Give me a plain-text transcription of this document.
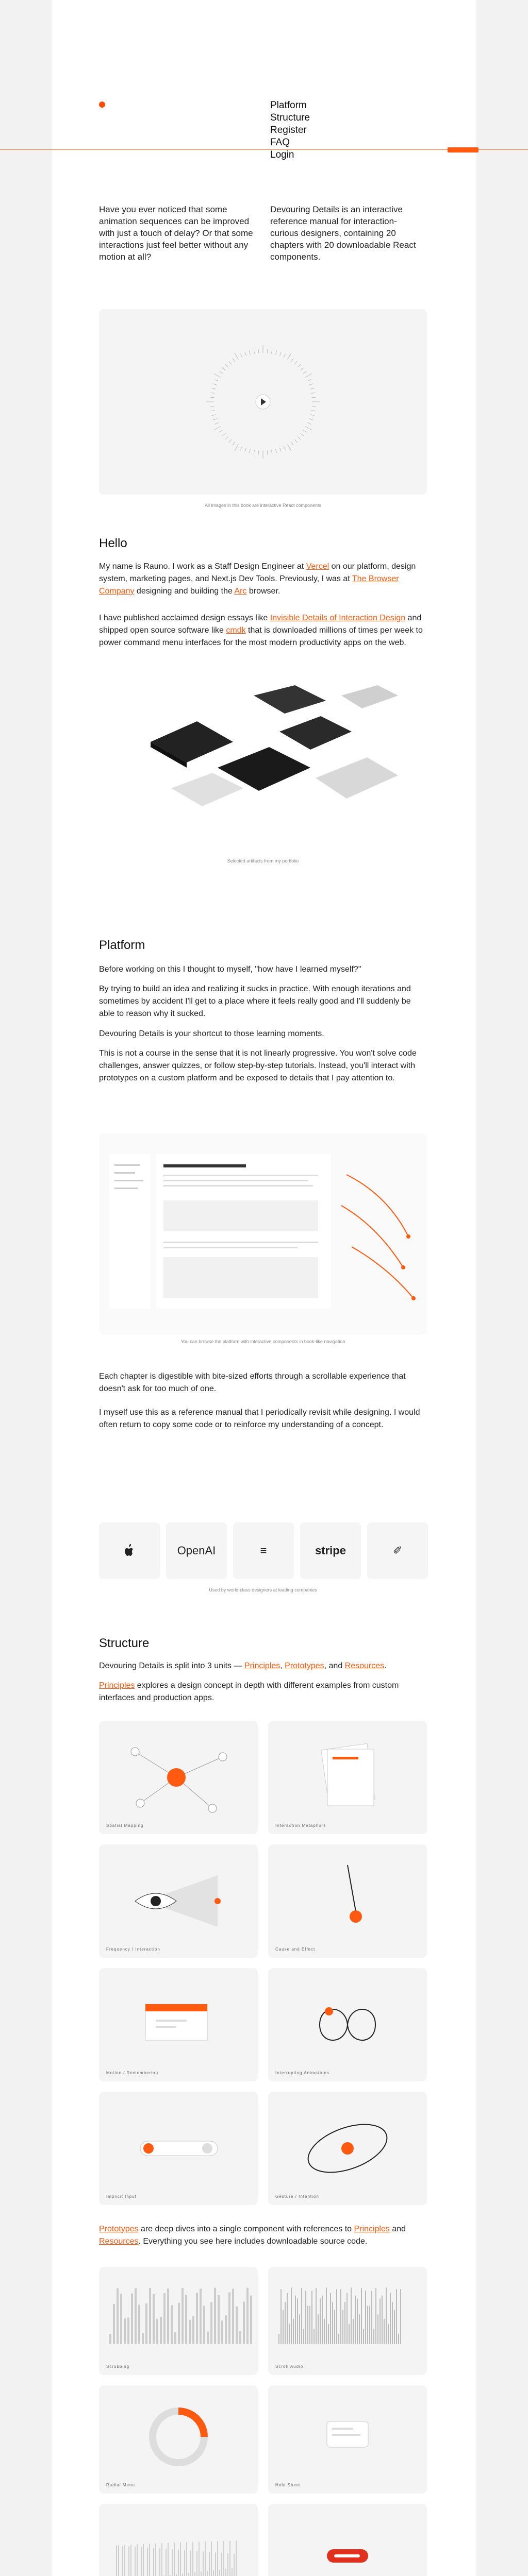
Platform
Structure
Register
FAQ
Login

Have you ever noticed that some animation sequences can be improved with just a touch of delay? Or that some interactions just feel better without any motion at all?

Devouring Details is an interactive reference manual for interaction-curious designers, containing 20 chapters with 20 downloadable React components.

All images in this book are interactive React components
Hello

My name is Rauno. I work as a Staff Design Engineer at Vercel on our platform, design system, marketing pages, and Next.js Dev Tools. Previously, I was at The Browser Company designing and building the Arc browser.

I have published acclaimed design essays like Invisible Details of Interaction Design and shipped open source software like cmdk that is downloaded millions of times per week to power command menu interfaces for the most modern productivity apps on the web.

Selected artifacts from my portfolio
Platform

Before working on this I thought to myself, "how have I learned myself?"

By trying to build an idea and realizing it sucks in practice. With enough iterations and sometimes by accident I'll get to a place where it feels really good and I'll suddenly be able to reason why it sucked.

Devouring Details is your shortcut to those learning moments.

This is not a course in the sense that it is not linearly progressive. You won't solve code challenges, answer quizzes, or follow step-by-step tutorials. Instead, you'll interact with prototypes on a custom platform and be exposed to details that I pay attention to.

You can browse the platform with interactive components in book-like navigation

Each chapter is digestible with bite-sized efforts through a scrollable experience that doesn't ask for too much of one.

I myself use this as a reference manual that I periodically revisit while designing. I would often return to copy some code or to reinforce my understanding of a concept.

OpenAI	≡	stripe	✐
Used by world-class designers at leading companies
Structure

Devouring Details is split into 3 units — Principles, Prototypes, and Resources.

Principles explores a design concept in depth with different examples from custom interfaces and production apps.

Spatial Mapping	Interaction Metaphors
Frequency / Interaction	Cause and Effect
Motion / Remembering	Interrupting Animations
Implicit Input	Gesture / Intention

Prototypes are deep dives into a single component with references to Principles and Resources. Everything you see here includes downloadable source code.

Scrubbing	Scroll Audio
Radial Menu	Hold Sheet
